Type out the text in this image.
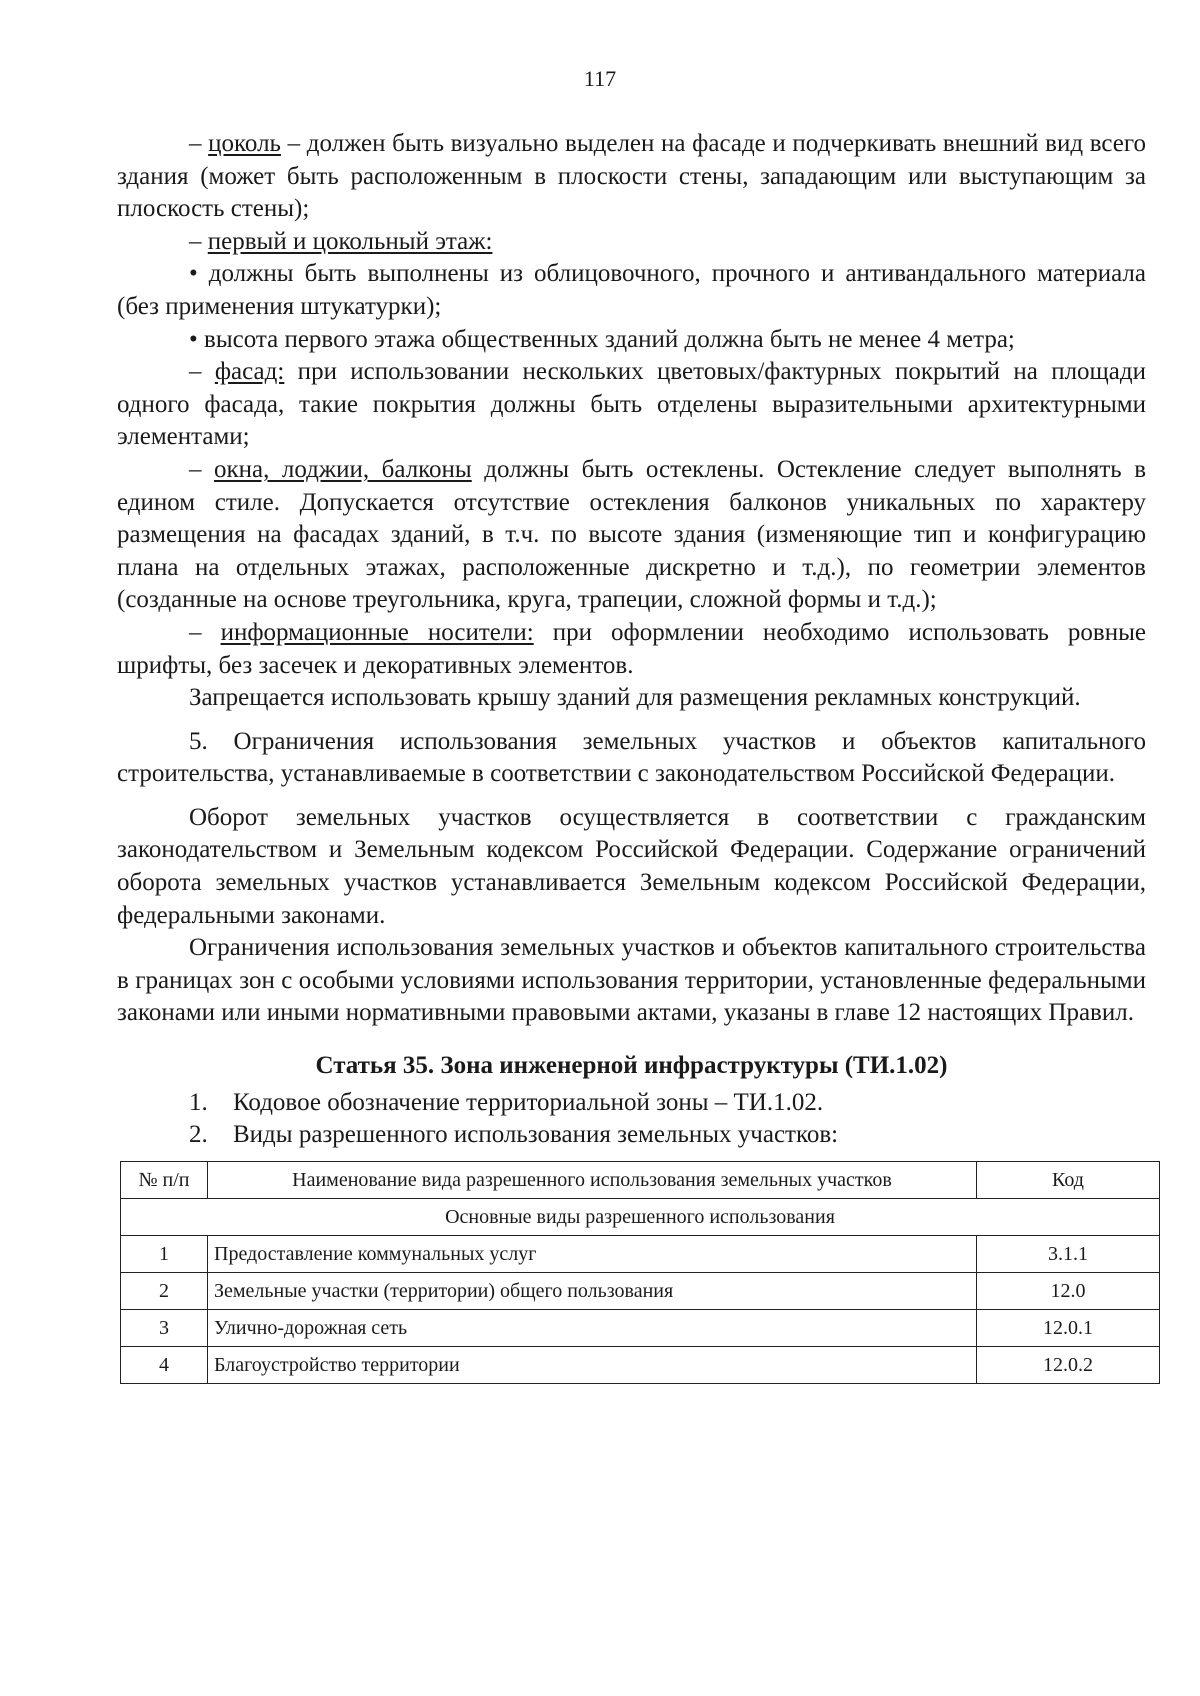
117

– цоколь – должен быть визуально выделен на фасаде и подчеркивать внешний вид всего здания (может быть расположенным в плоскости стены, западающим или выступающим за плоскость стены);

– первый и цокольный этаж:

• должны быть выполнены из облицовочного, прочного и антивандального материала (без применения штукатурки);

• высота первого этажа общественных зданий должна быть не менее 4 метра;

– фасад: при использовании нескольких цветовых/фактурных покрытий на площади одного фасада, такие покрытия должны быть отделены выразительными архитектурными элементами;

– окна, лоджии, балконы должны быть остеклены. Остекление следует выполнять в едином стиле. Допускается отсутствие остекления балконов уникальных по характеру размещения на фасадах зданий, в т.ч. по высоте здания (изменяющие тип и конфигурацию плана на отдельных этажах, расположенные дискретно и т.д.), по геометрии элементов (созданные на основе треугольника, круга, трапеции, сложной формы и т.д.);

– информационные носители: при оформлении необходимо использовать ровные шрифты, без засечек и декоративных элементов.

Запрещается использовать крышу зданий для размещения рекламных конструкций.

5. Ограничения использования земельных участков и объектов капитального строительства, устанавливаемые в соответствии с законодательством Российской Федерации.

Оборот земельных участков осуществляется в соответствии с гражданским законодательством и Земельным кодексом Российской Федерации. Содержание ограничений оборота земельных участков устанавливается Земельным кодексом Российской Федерации, федеральными законами.

Ограничения использования земельных участков и объектов капитального строительства в границах зон с особыми условиями использования территории, установленные федеральными законами или иными нормативными правовыми актами, указаны в главе 12 настоящих Правил.

Статья 35. Зона инженерной инфраструктуры (ТИ.1.02)
1. Кодовое обозначение территориальной зоны – ТИ.1.02.
2. Виды разрешенного использования земельных участков:
№ п/п	Наименование вида разрешенного использования земельных участков	Код
Основные виды разрешенного использования		
1	Предоставление коммунальных услуг	3.1.1
2	Земельные участки (территории) общего пользования	12.0
3	Улично-дорожная сеть	12.0.1
4	Благоустройство территории	12.0.2
